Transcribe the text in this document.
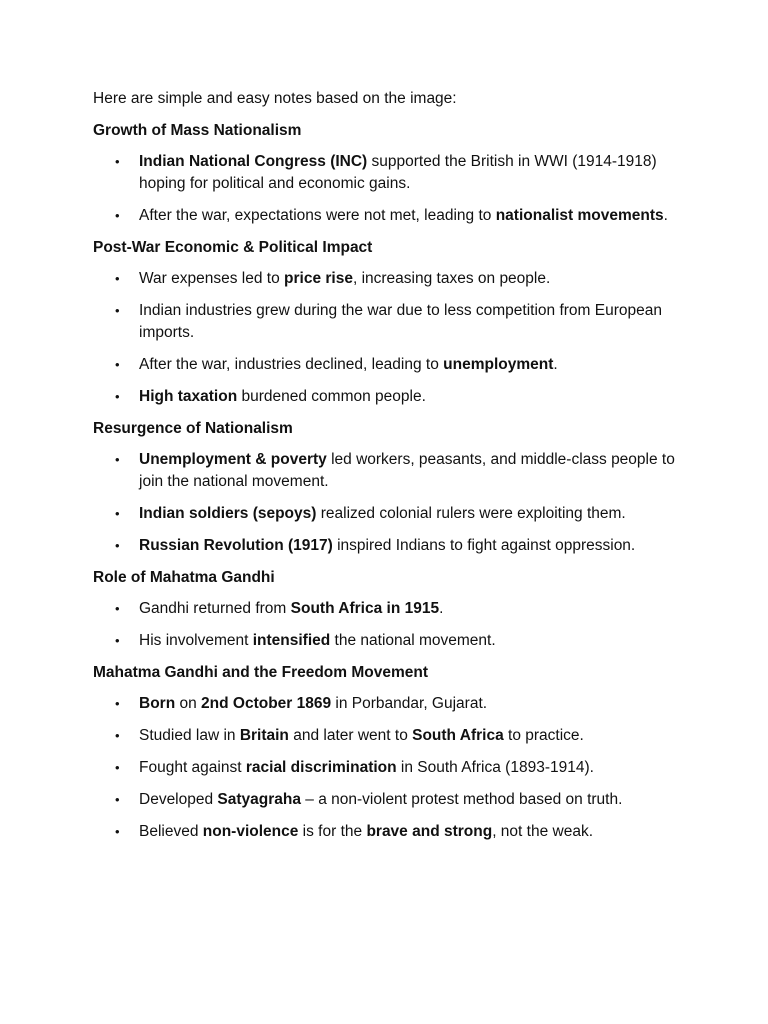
Here are simple and easy notes based on the image:

Growth of Mass Nationalism
• Indian National Congress (INC) supported the British in WWI (1914-1918) hoping for political and economic gains.
• After the war, expectations were not met, leading to nationalist movements.
Post-War Economic & Political Impact
• War expenses led to price rise, increasing taxes on people.
• Indian industries grew during the war due to less competition from European imports.
• After the war, industries declined, leading to unemployment.
• High taxation burdened common people.
Resurgence of Nationalism
• Unemployment & poverty led workers, peasants, and middle-class people to join the national movement.
• Indian soldiers (sepoys) realized colonial rulers were exploiting them.
• Russian Revolution (1917) inspired Indians to fight against oppression.
Role of Mahatma Gandhi
• Gandhi returned from South Africa in 1915.
• His involvement intensified the national movement.
Mahatma Gandhi and the Freedom Movement
• Born on 2nd October 1869 in Porbandar, Gujarat.
• Studied law in Britain and later went to South Africa to practice.
• Fought against racial discrimination in South Africa (1893-1914).
• Developed Satyagraha – a non-violent protest method based on truth.
• Believed non-violence is for the brave and strong, not the weak.
